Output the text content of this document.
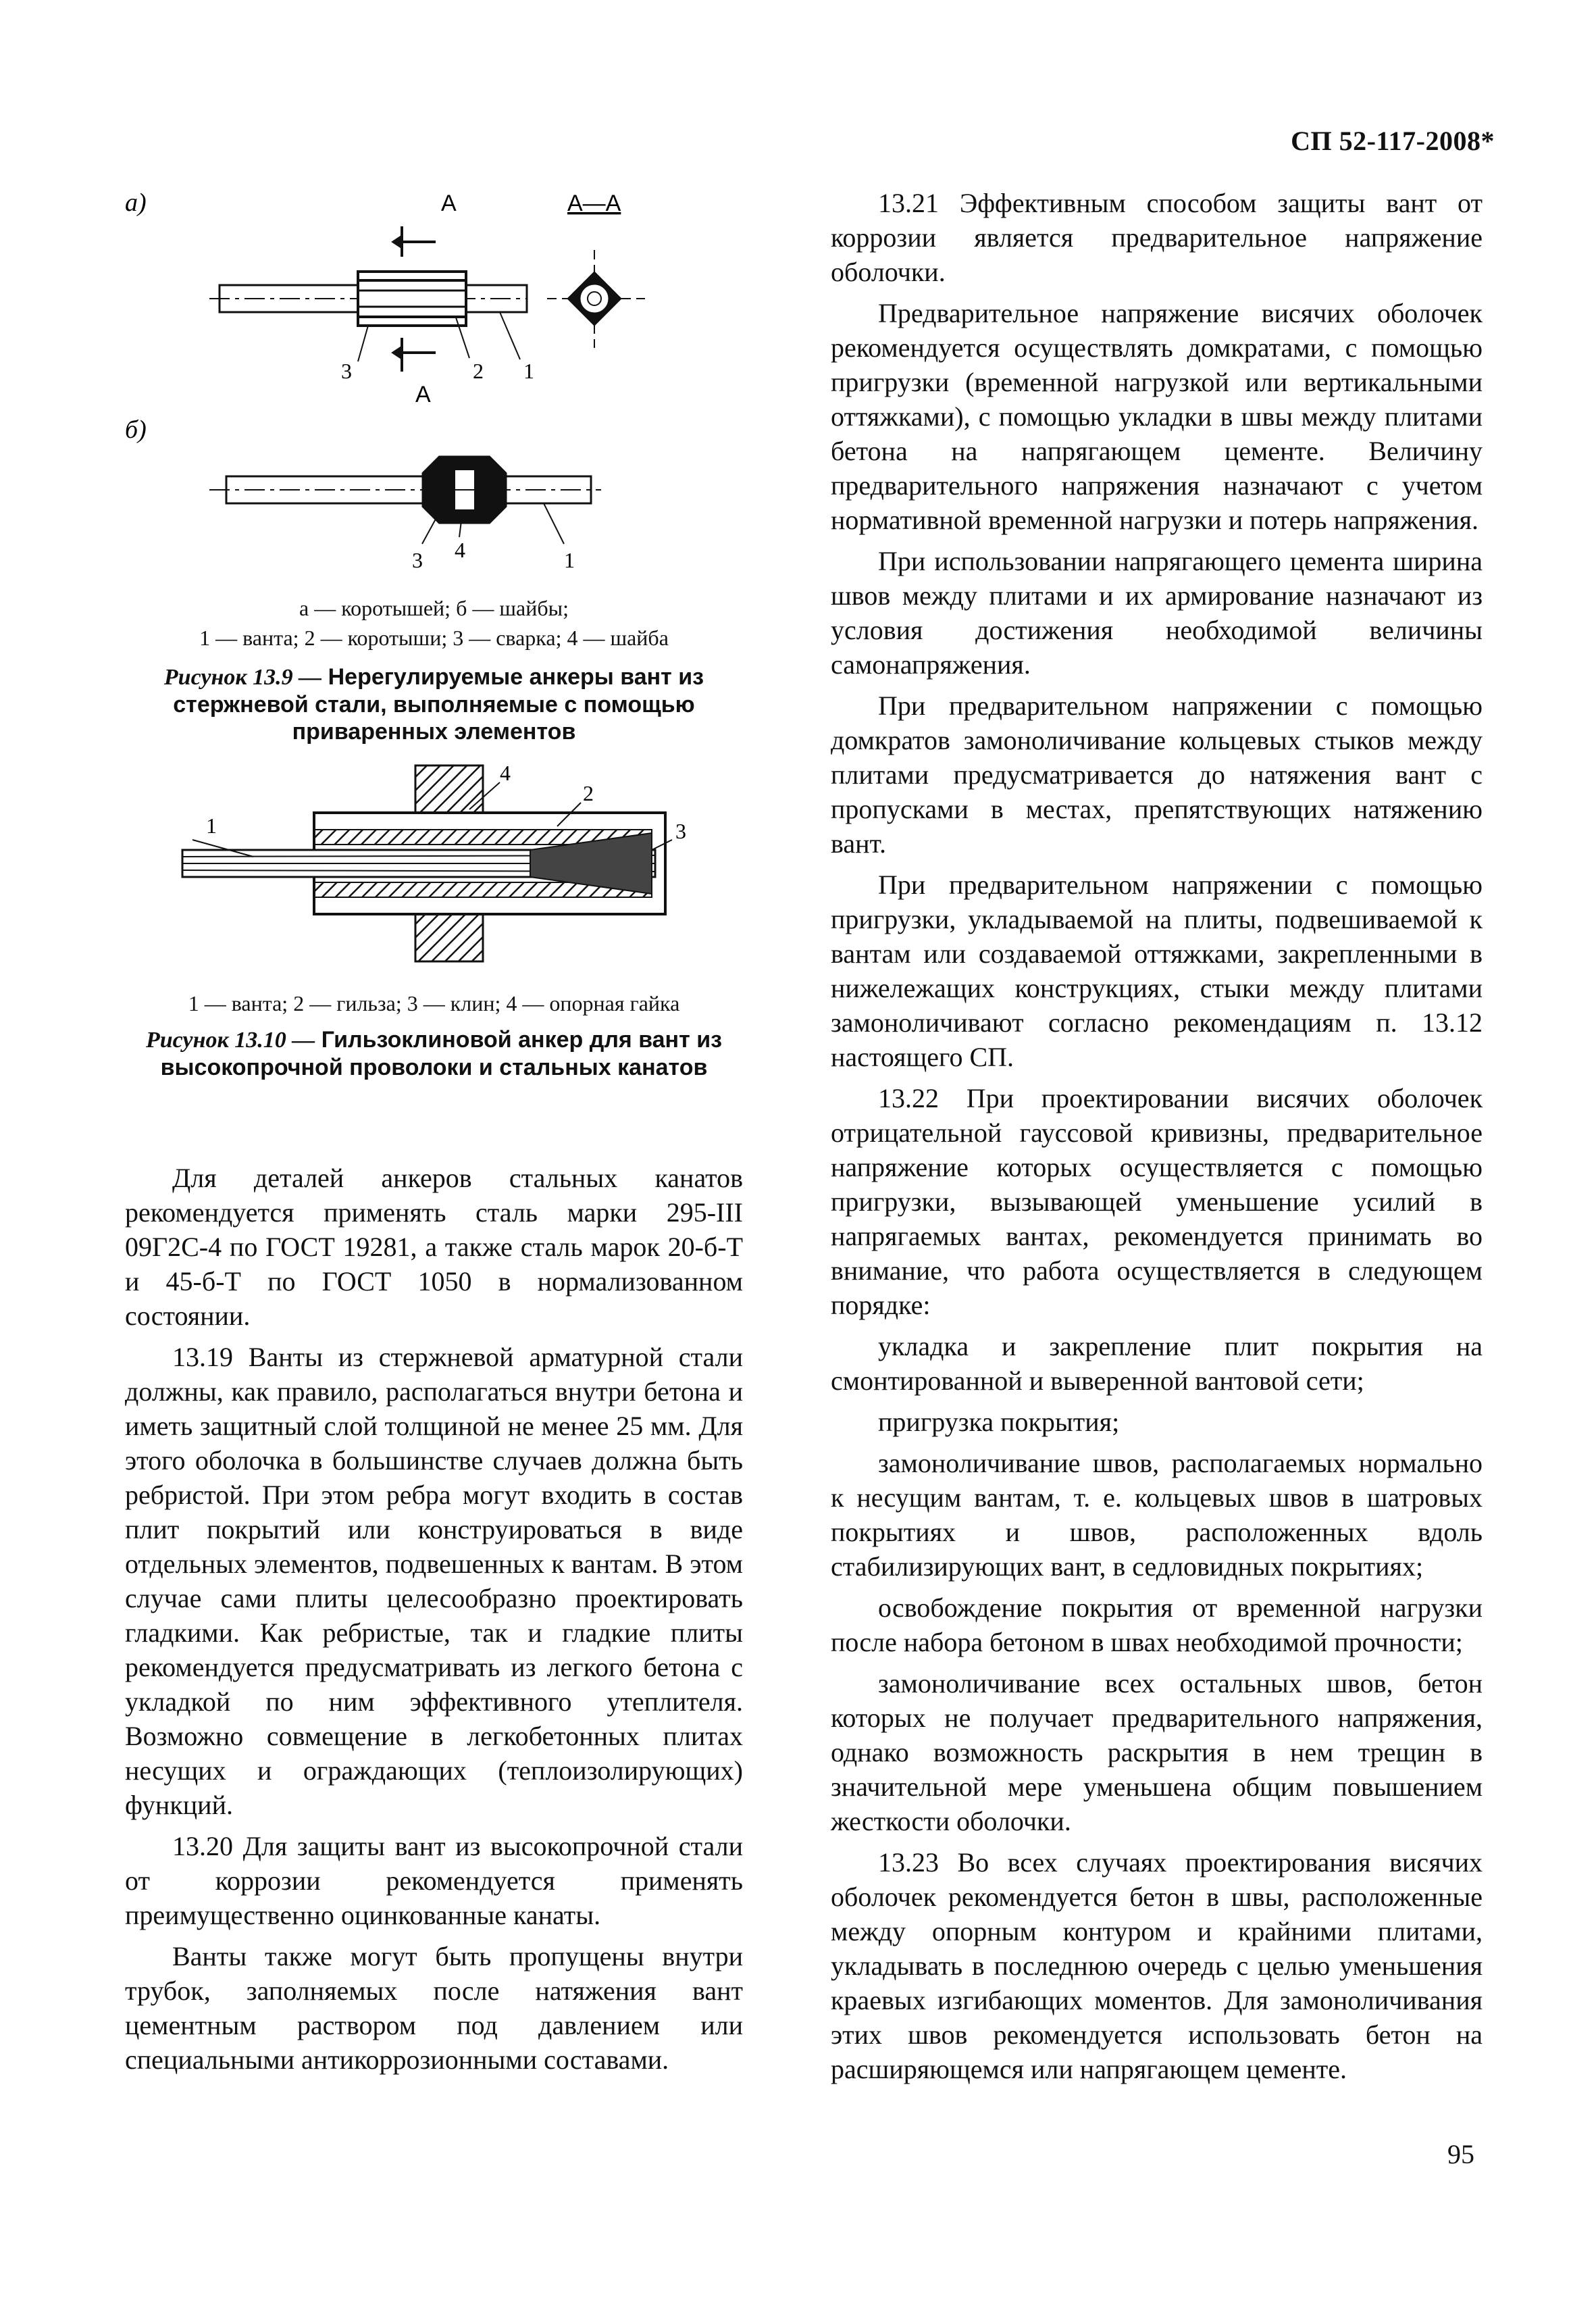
СП 52-117-2008*
а)
б)
А	А—А
А
3	2 1
3 4	1
а — коротышей; б — шайбы;
1 — ванта; 2 — коротыши; 3 — сварка; 4 — шайба
Рисунок 13.9 — Нерегулируемые анкеры вант из стержневой стали, выполняемые с помощью приваренных элементов
1
4
2
3
1 — ванта; 2 — гильза; 3 — клин; 4 — опорная гайка
Рисунок 13.10 — Гильзоклиновой анкер для вант из высокопрочной проволоки и стальных канатов

Для деталей анкеров стальных канатов рекомендуется применять сталь марки 295-III 09Г2С-4 по ГОСТ 19281, а также сталь марок 20-б-Т и 45-б-Т по ГОСТ 1050 в нормализованном состоянии.

13.19 Ванты из стержневой арматурной стали должны, как правило, располагаться внутри бетона и иметь защитный слой толщиной не менее 25 мм. Для этого оболочка в большинстве случаев должна быть ребристой. При этом ребра могут входить в состав плит покрытий или конструироваться в виде отдельных элементов, подвешенных к вантам. В этом случае сами плиты целесообразно проектировать гладкими. Как ребристые, так и гладкие плиты рекомендуется предусматривать из легкого бетона с укладкой по ним эффективного утеплителя. Возможно совмещение в легкобетонных плитах несущих и ограждающих (теплоизолирующих) функций.

13.20 Для защиты вант из высокопрочной стали от коррозии рекомендуется применять преимущественно оцинкованные канаты.

Ванты также могут быть пропущены внутри трубок, заполняемых после натяжения вант цементным раствором под давлением или специальными антикоррозионными составами.

13.21 Эффективным способом защиты вант от коррозии является предварительное напряжение оболочки.

Предварительное напряжение висячих оболочек рекомендуется осуществлять домкратами, с помощью пригрузки (временной нагрузкой или вертикальными оттяжками), с помощью укладки в швы между плитами бетона на напрягающем цементе. Величину предварительного напряжения назначают с учетом нормативной временной нагрузки и потерь напряжения.

При использовании напрягающего цемента ширина швов между плитами и их армирование назначают из условия достижения необходимой величины самонапряжения.

При предварительном напряжении с помощью домкратов замоноличивание кольцевых стыков между плитами предусматривается до натяжения вант с пропусками в местах, препятствующих натяжению вант.

При предварительном напряжении с помощью пригрузки, укладываемой на плиты, подвешиваемой к вантам или создаваемой оттяжками, закрепленными в нижележащих конструкциях, стыки между плитами замоноличивают согласно рекомендациям п. 13.12 настоящего СП.

13.22 При проектировании висячих оболочек отрицательной гауссовой кривизны, предварительное напряжение которых осуществляется с помощью пригрузки, вызывающей уменьшение усилий в напрягаемых вантах, рекомендуется принимать во внимание, что работа осуществляется в следующем порядке:

укладка и закрепление плит покрытия на смонтированной и выверенной вантовой сети;

пригрузка покрытия;

замоноличивание швов, располагаемых нормально к несущим вантам, т. е. кольцевых швов в шатровых покрытиях и швов, расположенных вдоль стабилизирующих вант, в седловидных покрытиях;

освобождение покрытия от временной нагрузки после набора бетоном в швах необходимой прочности;

замоноличивание всех остальных швов, бетон которых не получает предварительного напряжения, однако возможность раскрытия в нем трещин в значительной мере уменьшена общим повышением жесткости оболочки.

13.23 Во всех случаях проектирования висячих оболочек рекомендуется бетон в швы, расположенные между опорным контуром и крайними плитами, укладывать в последнюю очередь с целью уменьшения краевых изгибающих моментов. Для замоноличивания этих швов рекомендуется использовать бетон на расширяющемся или напрягающем цементе.

95
